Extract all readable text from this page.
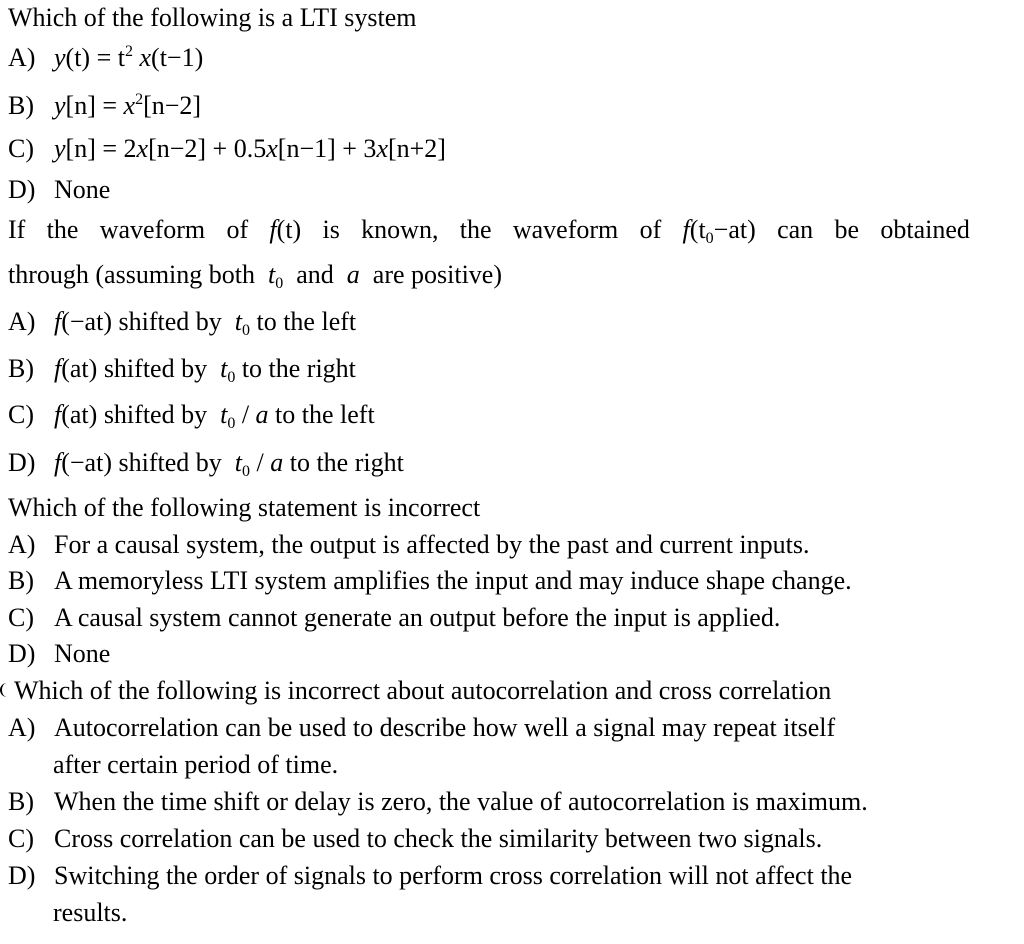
Which of the following is a LTI system
A) $y(t) = t^2$ x(t−1)
B) $y[n] = x^2[n-2]$
C) y[n] = 2x[n−2] + 0.5x[n−1] + 3x[n+2]
D) None
If the waveform of f(t) is known, the waveform of $f(t_0-at)$ can be obtained
through (assuming both  $t_0$  and  a  are positive)
A) f(−at) shifted by  $t_0$ to the left
B) f(at) shifted by  $t_0$ to the right
C) f(at) shifted by  $t_0$ / a to the left
D) f(−at) shifted by  $t_0$ / a to the right
Which of the following statement is incorrect
A) For a causal system, the output is affected by the past and current inputs.
B) A memoryless LTI system amplifies the input and may induce shape change.
C) A causal system cannot generate an output before the input is applied.
D) None
Which of the following is incorrect about autocorrelation and cross correlation
A) Autocorrelation can be used to describe how well a signal may repeat itself
after certain period of time.
B) When the time shift or delay is zero, the value of autocorrelation is maximum.
C) Cross correlation can be used to check the similarity between two signals.
D) Switching the order of signals to perform cross correlation will not affect the
results.
